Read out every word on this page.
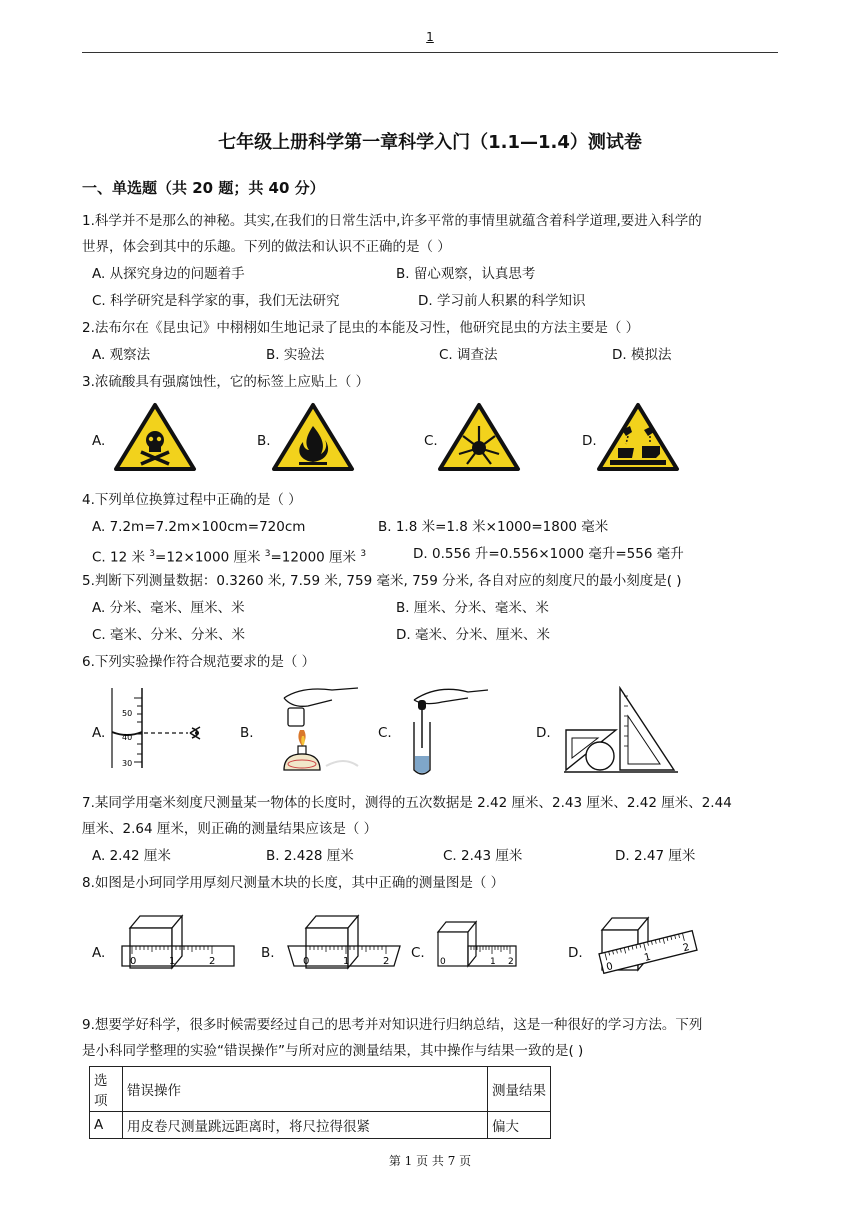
1
七年级上册科学第一章科学入门（1.1—1.4）测试卷
一、单选题（共 20 题；共 40 分）
1.科学并不是那么的神秘。其实,在我们的日常生活中,许多平常的事情里就蕴含着科学道理,要进入科学的
世界，体会到其中的乐趣。下列的做法和认识不正确的是（ ）
A. 从探究身边的问题着手	B. 留心观察，认真思考
C. 科学研究是科学家的事，我们无法研究	D. 学习前人积累的科学知识
2.法布尔在《昆虫记》中栩栩如生地记录了昆虫的本能及习性，他研究昆虫的方法主要是（ ）
A. 观察法	B. 实验法	C. 调查法	D. 模拟法
3.浓硫酸具有强腐蚀性，它的标签上应贴上（ ）
A.	B.	C.	D.
4.下列单位换算过程中正确的是（ ）
A. 7.2m=7.2m×100cm=720cm	B. 1.8 米=1.8 米×1000=1800 毫米
C. 12 米 $^3$=12×1000 厘米 $^3$=12000 厘米 $^3$	D. 0.556 升=0.556×1000 毫升=556 毫升
5.判断下列测量数据：0.3260 米, 7.59 米, 759 毫米, 759 分米, 各自对应的刻度尺的最小刻度是( )
A. 分米、毫米、厘米、米	B. 厘米、分米、毫米、米
C. 毫米、分米、分米、米	D. 毫米、分米、厘米、米
6.下列实验操作符合规范要求的是（ ）
A.	B.	C.	D.
50
40
30
7.某同学用毫米刻度尺测量某一物体的长度时，测得的五次数据是 2.42 厘米、2.43 厘米、2.42 厘米、2.44
厘米、2.64 厘米，则正确的测量结果应该是（ ）
A. 2.42 厘米	B. 2.428 厘米	C. 2.43 厘米	D. 2.47 厘米
8.如图是小珂同学用厚刻尺测量木块的长度，其中正确的测量图是（ ）
A.	B.	C.	D.
0	1	2	0	1	2	0	1 2	0
1
2
9.想要学好科学，很多时候需要经过自己的思考并对知识进行归纳总结，这是一种很好的学习方法。下列
是小科同学整理的实验“错误操作”与所对应的测量结果，其中操作与结果一致的是( )
选项	错误操作	测量结果
A	用皮卷尺测量跳远距离时，将尺拉得很紧	偏大
第 1 页 共 7 页
